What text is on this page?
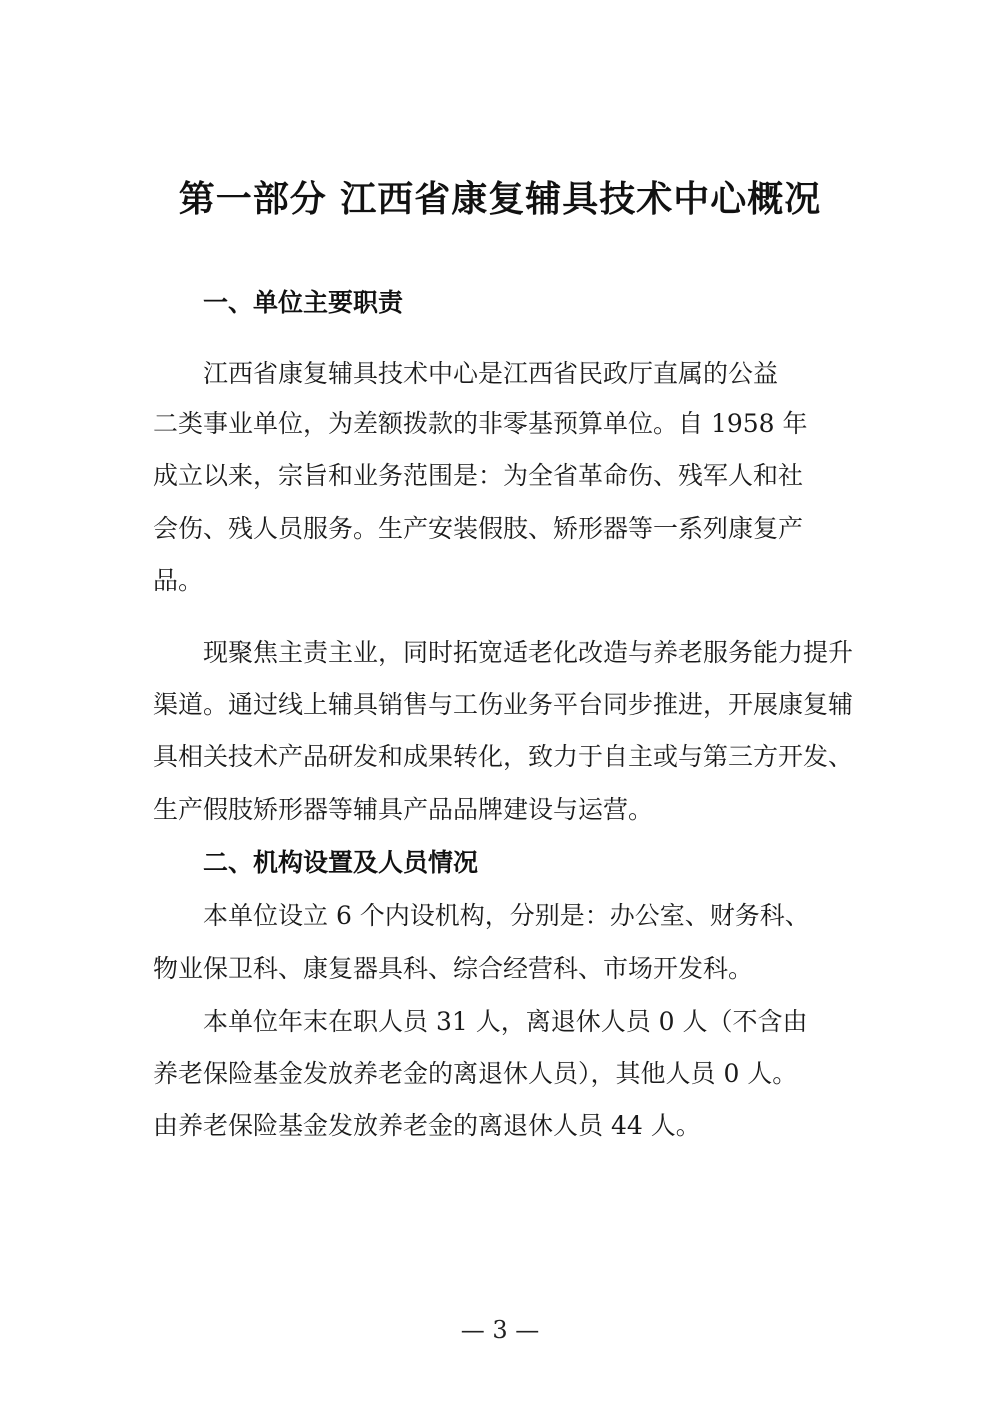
第一部分 江西省康复辅具技术中心概况
一、单位主要职责
江西省康复辅具技术中心是江西省民政厅直属的公益
二类事业单位，为差额拨款的非零基预算单位。自 1958 年
成立以来，宗旨和业务范围是：为全省革命伤、残军人和社
会伤、残人员服务。生产安装假肢、矫形器等一系列康复产
品。
现聚焦主责主业，同时拓宽适老化改造与养老服务能力提升
渠道。通过线上辅具销售与工伤业务平台同步推进，开展康复辅
具相关技术产品研发和成果转化，致力于自主或与第三方开发、
生产假肢矫形器等辅具产品品牌建设与运营。
二、机构设置及人员情况
本单位设立 6 个内设机构，分别是：办公室、财务科、
物业保卫科、康复器具科、综合经营科、市场开发科。
本单位年末在职人员 31 人，离退休人员 0 人（不含由
养老保险基金发放养老金的离退休人员），其他人员 0 人。
由养老保险基金发放养老金的离退休人员 44 人。
— 3 —
